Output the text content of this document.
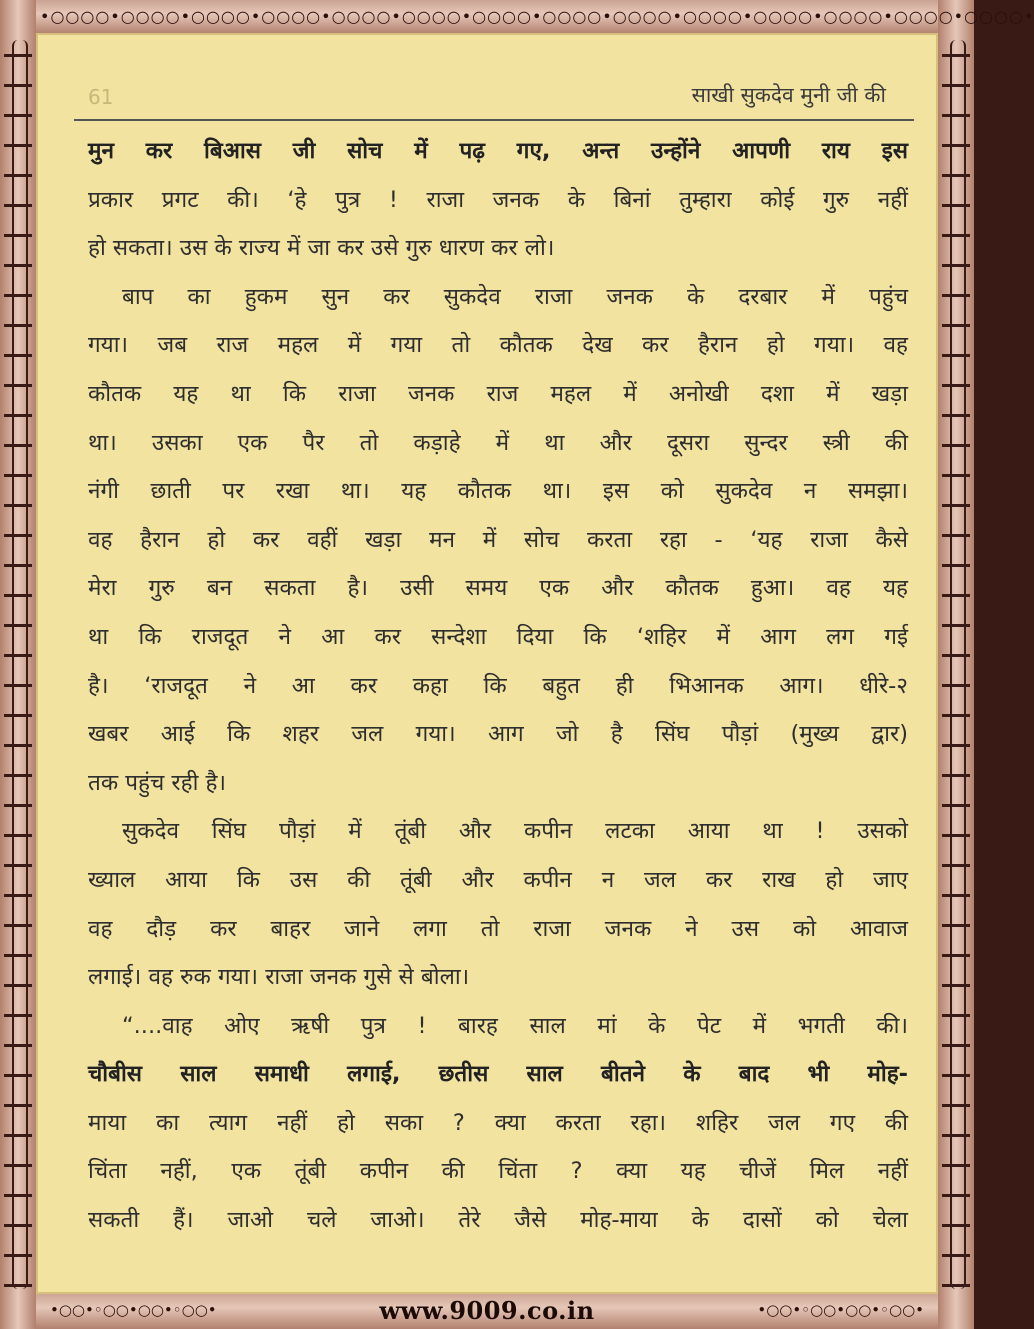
•○○○○•○○○○•○○○○•○○○○•○○○○•○○○○•○○○○•○○○○•○○○○•○○○○•○○○○•○○○○•○○○○•○○○○•
61	साखी सुकदेव मुनी जी की
मुन कर बिआस जी सोच में पढ़ गए, अन्त उन्होंने आपणी राय इस
प्रकार प्रगट की। ‘हे पुत्र ! राजा जनक के बिनां तुम्हारा कोई गुरु नहीं
हो सकता। उस के राज्य में जा कर उसे गुरु धारण कर लो।
बाप का हुकम सुन कर सुकदेव राजा जनक के दरबार में पहुंच
गया। जब राज महल में गया तो कौतक देख कर हैरान हो गया। वह
कौतक यह था कि राजा जनक राज महल में अनोखी दशा में खड़ा
था। उसका एक पैर तो कड़ाहे में था और दूसरा सुन्दर स्त्री की
नंगी छाती पर रखा था। यह कौतक था। इस को सुकदेव न समझा।
वह हैरान हो कर वहीं खड़ा मन में सोच करता रहा - ‘यह राजा कैसे
मेरा गुरु बन सकता है। उसी समय एक और कौतक हुआ। वह यह
था कि राजदूत ने आ कर सन्देशा दिया कि ‘शहिर में आग लग गई
है। ‘राजदूत ने आ कर कहा कि बहुत ही भिआनक आग। धीरे-२
खबर आई कि शहर जल गया। आग जो है सिंघ पौड़ां (मुख्य द्वार)
तक पहुंच रही है।
सुकदेव सिंघ पौड़ां में तूंबी और कपीन लटका आया था ! उसको
ख्याल आया कि उस की तूंबी और कपीन न जल कर राख हो जाए
वह दौड़ कर बाहर जाने लगा तो राजा जनक ने उस को आवाज
लगाई। वह रुक गया। राजा जनक गुसे से बोला।
“....वाह ओए ऋषी पुत्र ! बारह साल मां के पेट में भगती की।
चौबीस साल समाधी लगाई, छतीस साल बीतने के बाद भी मोह-
माया का त्याग नहीं हो सका ? क्या करता रहा। शहिर जल गए की
चिंता नहीं, एक तूंबी कपीन की चिंता ? क्या यह चीजें मिल नहीं
सकती हैं। जाओ चले जाओ। तेरे जैसे मोह-माया के दासों को चेला
•○○•◦○○•○○•◦○○•	www.9009.co.in	•○○•◦○○•○○•◦○○•
